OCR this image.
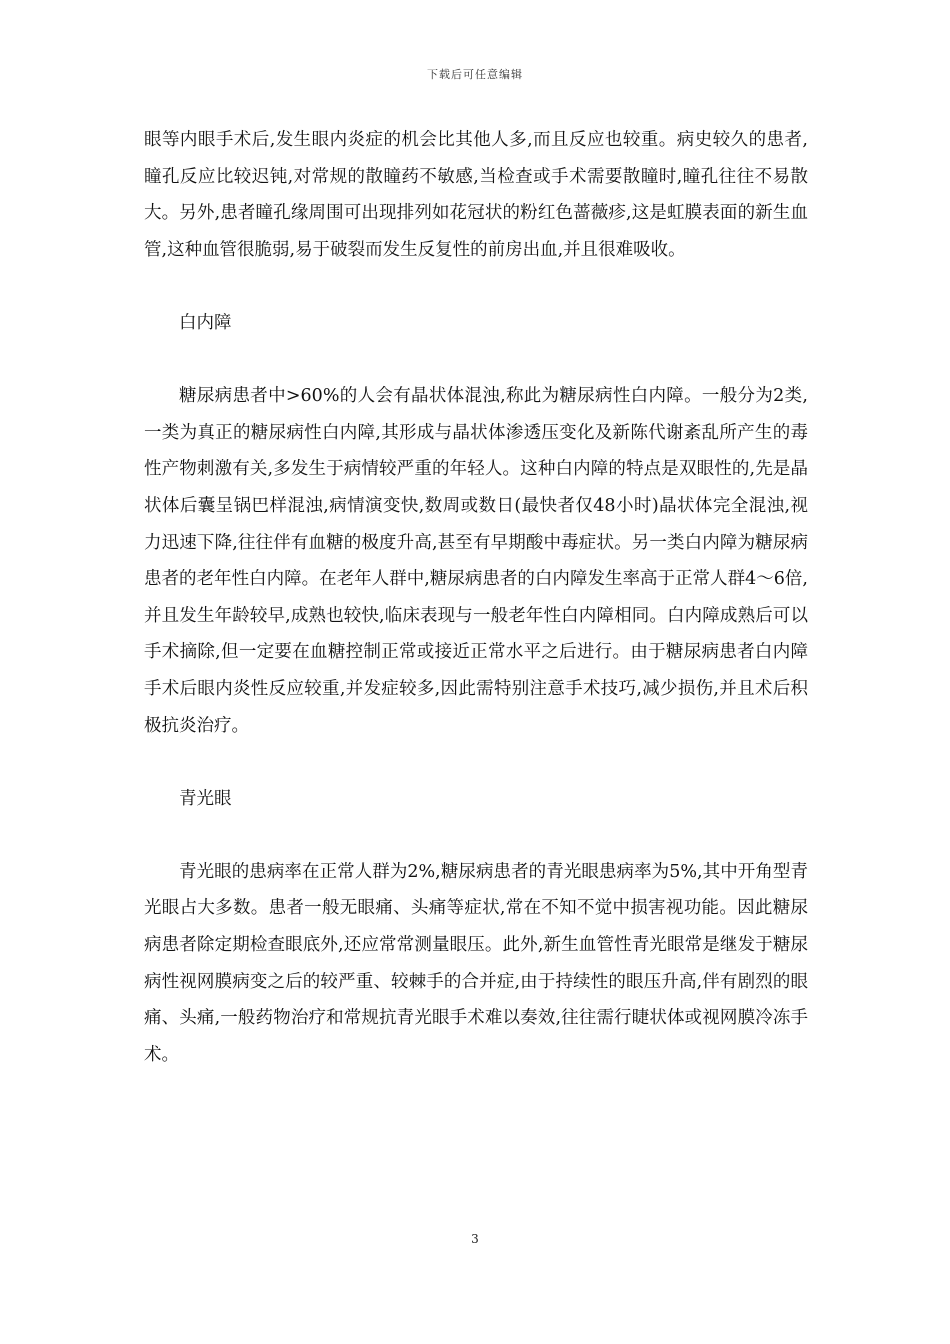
下载后可任意编辑

眼等内眼手术后,发生眼内炎症的机会比其他人多,而且反应也较重。病史较久的患者,瞳孔反应比较迟钝,对常规的散瞳药不敏感,当检查或手术需要散瞳时,瞳孔往往不易散大。另外,患者瞳孔缘周围可出现排列如花冠状的粉红色蔷薇疹,这是虹膜表面的新生血管,这种血管很脆弱,易于破裂而发生反复性的前房出血,并且很难吸收。

白内障

糖尿病患者中>60%的人会有晶状体混浊,称此为糖尿病性白内障。一般分为2类,一类为真正的糖尿病性白内障,其形成与晶状体渗透压变化及新陈代谢紊乱所产生的毒性产物刺激有关,多发生于病情较严重的年轻人。这种白内障的特点是双眼性的,先是晶状体后囊呈锅巴样混浊,病情演变快,数周或数日(最快者仅48小时)晶状体完全混浊,视力迅速下降,往往伴有血糖的极度升高,甚至有早期酸中毒症状。另一类白内障为糖尿病患者的老年性白内障。在老年人群中,糖尿病患者的白内障发生率高于正常人群4～6倍,并且发生年龄较早,成熟也较快,临床表现与一般老年性白内障相同。白内障成熟后可以手术摘除,但一定要在血糖控制正常或接近正常水平之后进行。由于糖尿病患者白内障手术后眼内炎性反应较重,并发症较多,因此需特别注意手术技巧,减少损伤,并且术后积极抗炎治疗。

青光眼

青光眼的患病率在正常人群为2%,糖尿病患者的青光眼患病率为5%,其中开角型青光眼占大多数。患者一般无眼痛、头痛等症状,常在不知不觉中损害视功能。因此糖尿病患者除定期检查眼底外,还应常常测量眼压。此外,新生血管性青光眼常是继发于糖尿病性视网膜病变之后的较严重、较棘手的合并症,由于持续性的眼压升高,伴有剧烈的眼痛、头痛,一般药物治疗和常规抗青光眼手术难以奏效,往往需行睫状体或视网膜冷冻手术。

3
